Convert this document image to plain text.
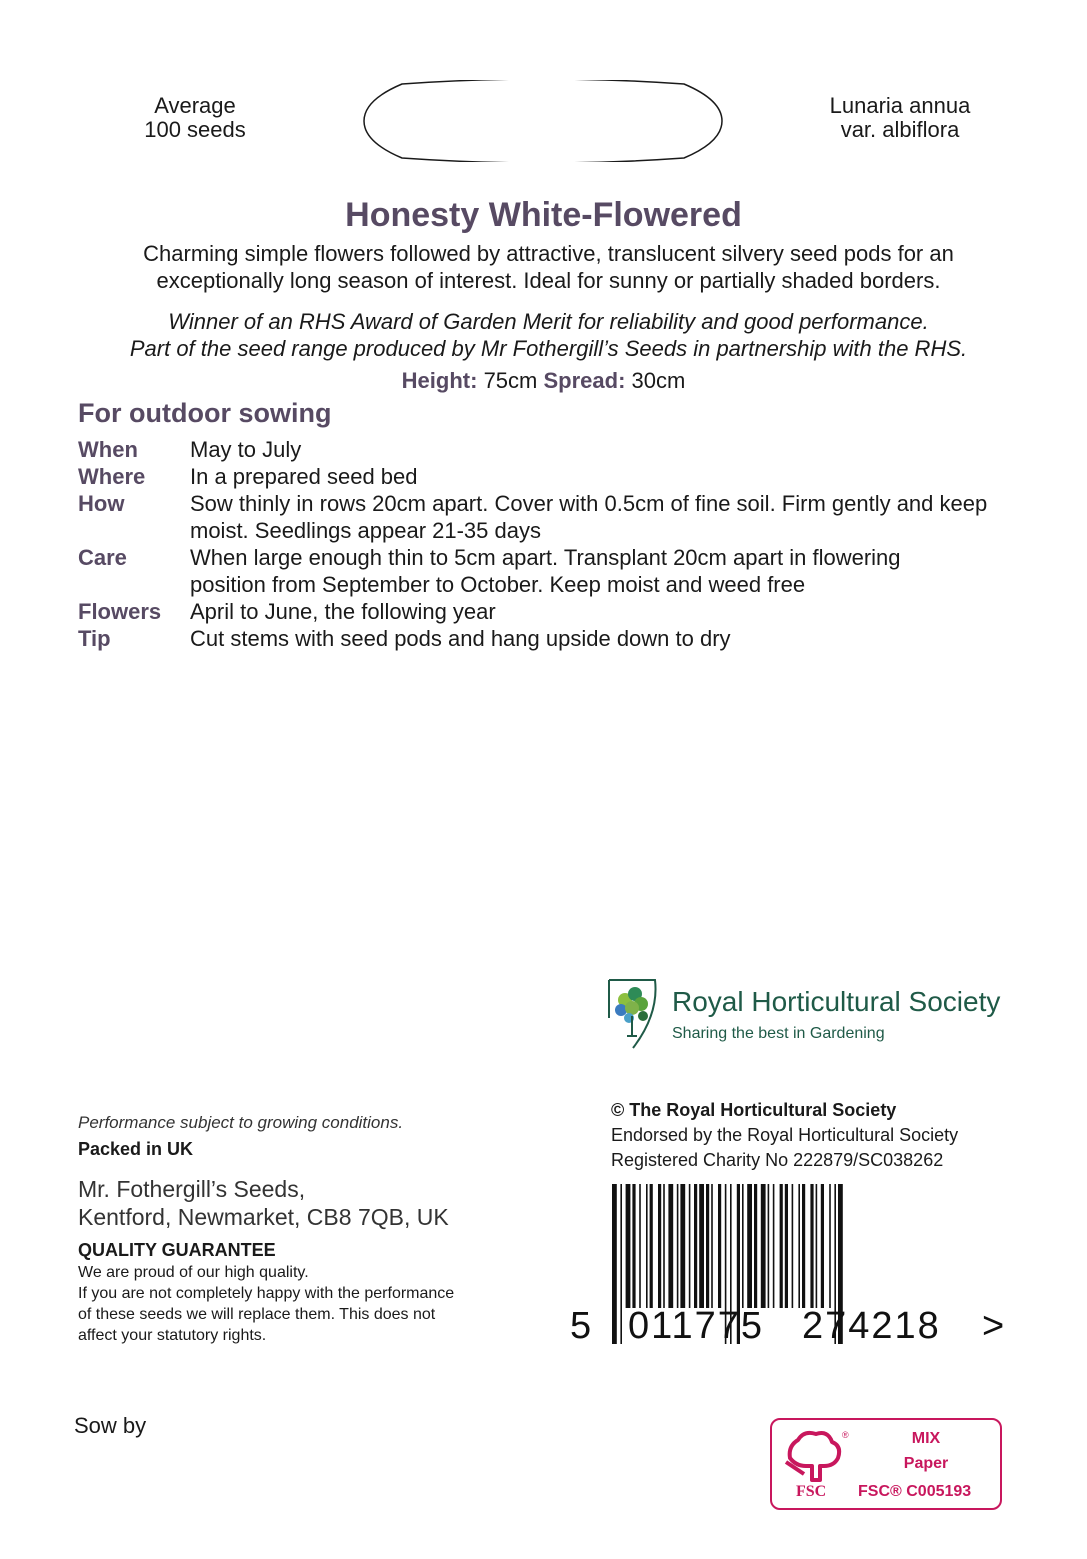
Average
100 seeds
Lunaria annua
var. albiflora
Honesty White-Flowered
Charming simple flowers followed by attractive, translucent silvery seed pods for an
exceptionally long season of interest. Ideal for sunny or partially shaded borders.
Winner of an RHS Award of Garden Merit for reliability and good performance.
Part of the seed range produced by Mr Fothergill’s Seeds in partnership with the RHS.
Height: 75cm Spread: 30cm
For outdoor sowing
When	May to July
Where	In a prepared seed bed
How	Sow thinly in rows 20cm apart. Cover with 0.5cm of fine soil. Firm gently and keep
moist. Seedlings appear 21-35 days
Care	When large enough thin to 5cm apart. Transplant 20cm apart in flowering
position from September to October. Keep moist and weed free
Flowers	April to June, the following year
Tip	Cut stems with seed pods and hang upside down to dry
Royal Horticultural Society
Sharing the best in Gardening
© The Royal Horticultural Society
Endorsed by the Royal Horticultural Society
Registered Charity No 222879/SC038262
Performance subject to growing conditions.
Packed in UK
Mr. Fothergill’s Seeds,
Kentford, Newmarket, CB8 7QB, UK
QUALITY GUARANTEE
We are proud of our high quality.
If you are not completely happy with the performance
of these seeds we will replace them. This does not
affect your statutory rights.	5 011775 274218 >
Sow by	®
FSC
MIX
Paper
FSC® C005193
